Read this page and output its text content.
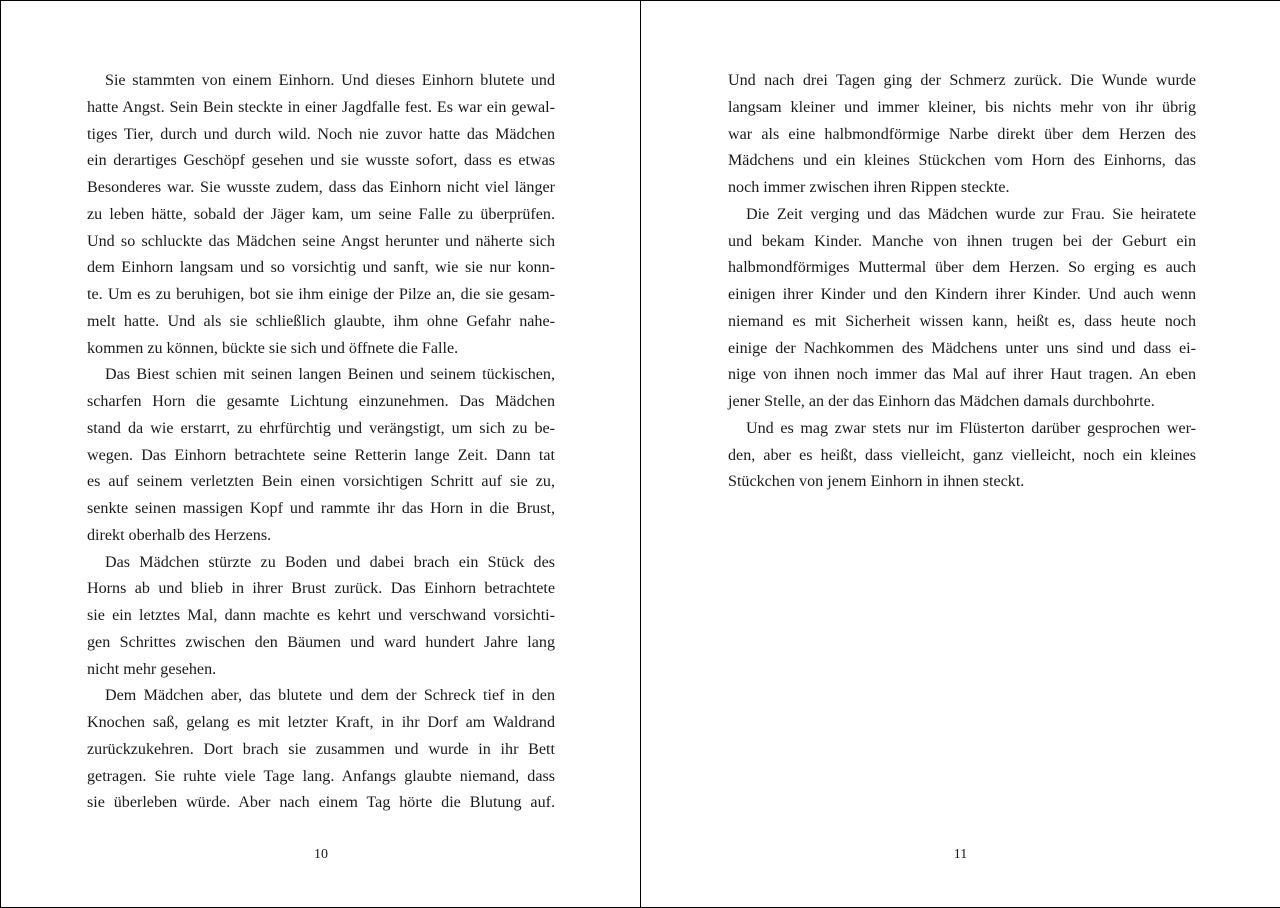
Sie stammten von einem Einhorn. Und dieses Einhorn blutete und
hatte Angst. Sein Bein steckte in einer Jagdfalle fest. Es war ein gewal-
tiges Tier, durch und durch wild. Noch nie zuvor hatte das Mädchen
ein derartiges Geschöpf gesehen und sie wusste sofort, dass es etwas
Besonderes war. Sie wusste zudem, dass das Einhorn nicht viel länger
zu leben hätte, sobald der Jäger kam, um seine Falle zu überprüfen.
Und so schluckte das Mädchen seine Angst herunter und näherte sich
dem Einhorn langsam und so vorsichtig und sanft, wie sie nur konn-
te. Um es zu beruhigen, bot sie ihm einige der Pilze an, die sie gesam-
melt hatte. Und als sie schließlich glaubte, ihm ohne Gefahr nahe-
kommen zu können, bückte sie sich und öffnete die Falle.
Das Biest schien mit seinen langen Beinen und seinem tückischen,
scharfen Horn die gesamte Lichtung einzunehmen. Das Mädchen
stand da wie erstarrt, zu ehrfürchtig und verängstigt, um sich zu be-
wegen. Das Einhorn betrachtete seine Retterin lange Zeit. Dann tat
es auf seinem verletzten Bein einen vorsichtigen Schritt auf sie zu,
senkte seinen massigen Kopf und rammte ihr das Horn in die Brust,
direkt oberhalb des Herzens.
Das Mädchen stürzte zu Boden und dabei brach ein Stück des
Horns ab und blieb in ihrer Brust zurück. Das Einhorn betrachtete
sie ein letztes Mal, dann machte es kehrt und verschwand vorsichti-
gen Schrittes zwischen den Bäumen und ward hundert Jahre lang
nicht mehr gesehen.
Dem Mädchen aber, das blutete und dem der Schreck tief in den
Knochen saß, gelang es mit letzter Kraft, in ihr Dorf am Waldrand
zurückzukehren. Dort brach sie zusammen und wurde in ihr Bett
getragen. Sie ruhte viele Tage lang. Anfangs glaubte niemand, dass
sie überleben würde. Aber nach einem Tag hörte die Blutung auf.
10
Und nach drei Tagen ging der Schmerz zurück. Die Wunde wurde
langsam kleiner und immer kleiner, bis nichts mehr von ihr übrig
war als eine halbmondförmige Narbe direkt über dem Herzen des
Mädchens und ein kleines Stückchen vom Horn des Einhorns, das
noch immer zwischen ihren Rippen steckte.
Die Zeit verging und das Mädchen wurde zur Frau. Sie heiratete
und bekam Kinder. Manche von ihnen trugen bei der Geburt ein
halbmondförmiges Muttermal über dem Herzen. So erging es auch
einigen ihrer Kinder und den Kindern ihrer Kinder. Und auch wenn
niemand es mit Sicherheit wissen kann, heißt es, dass heute noch
einige der Nachkommen des Mädchens unter uns sind und dass ei-
nige von ihnen noch immer das Mal auf ihrer Haut tragen. An eben
jener Stelle, an der das Einhorn das Mädchen damals durchbohrte.
Und es mag zwar stets nur im Flüsterton darüber gesprochen wer-
den, aber es heißt, dass vielleicht, ganz vielleicht, noch ein kleines
Stückchen von jenem Einhorn in ihnen steckt.
11
